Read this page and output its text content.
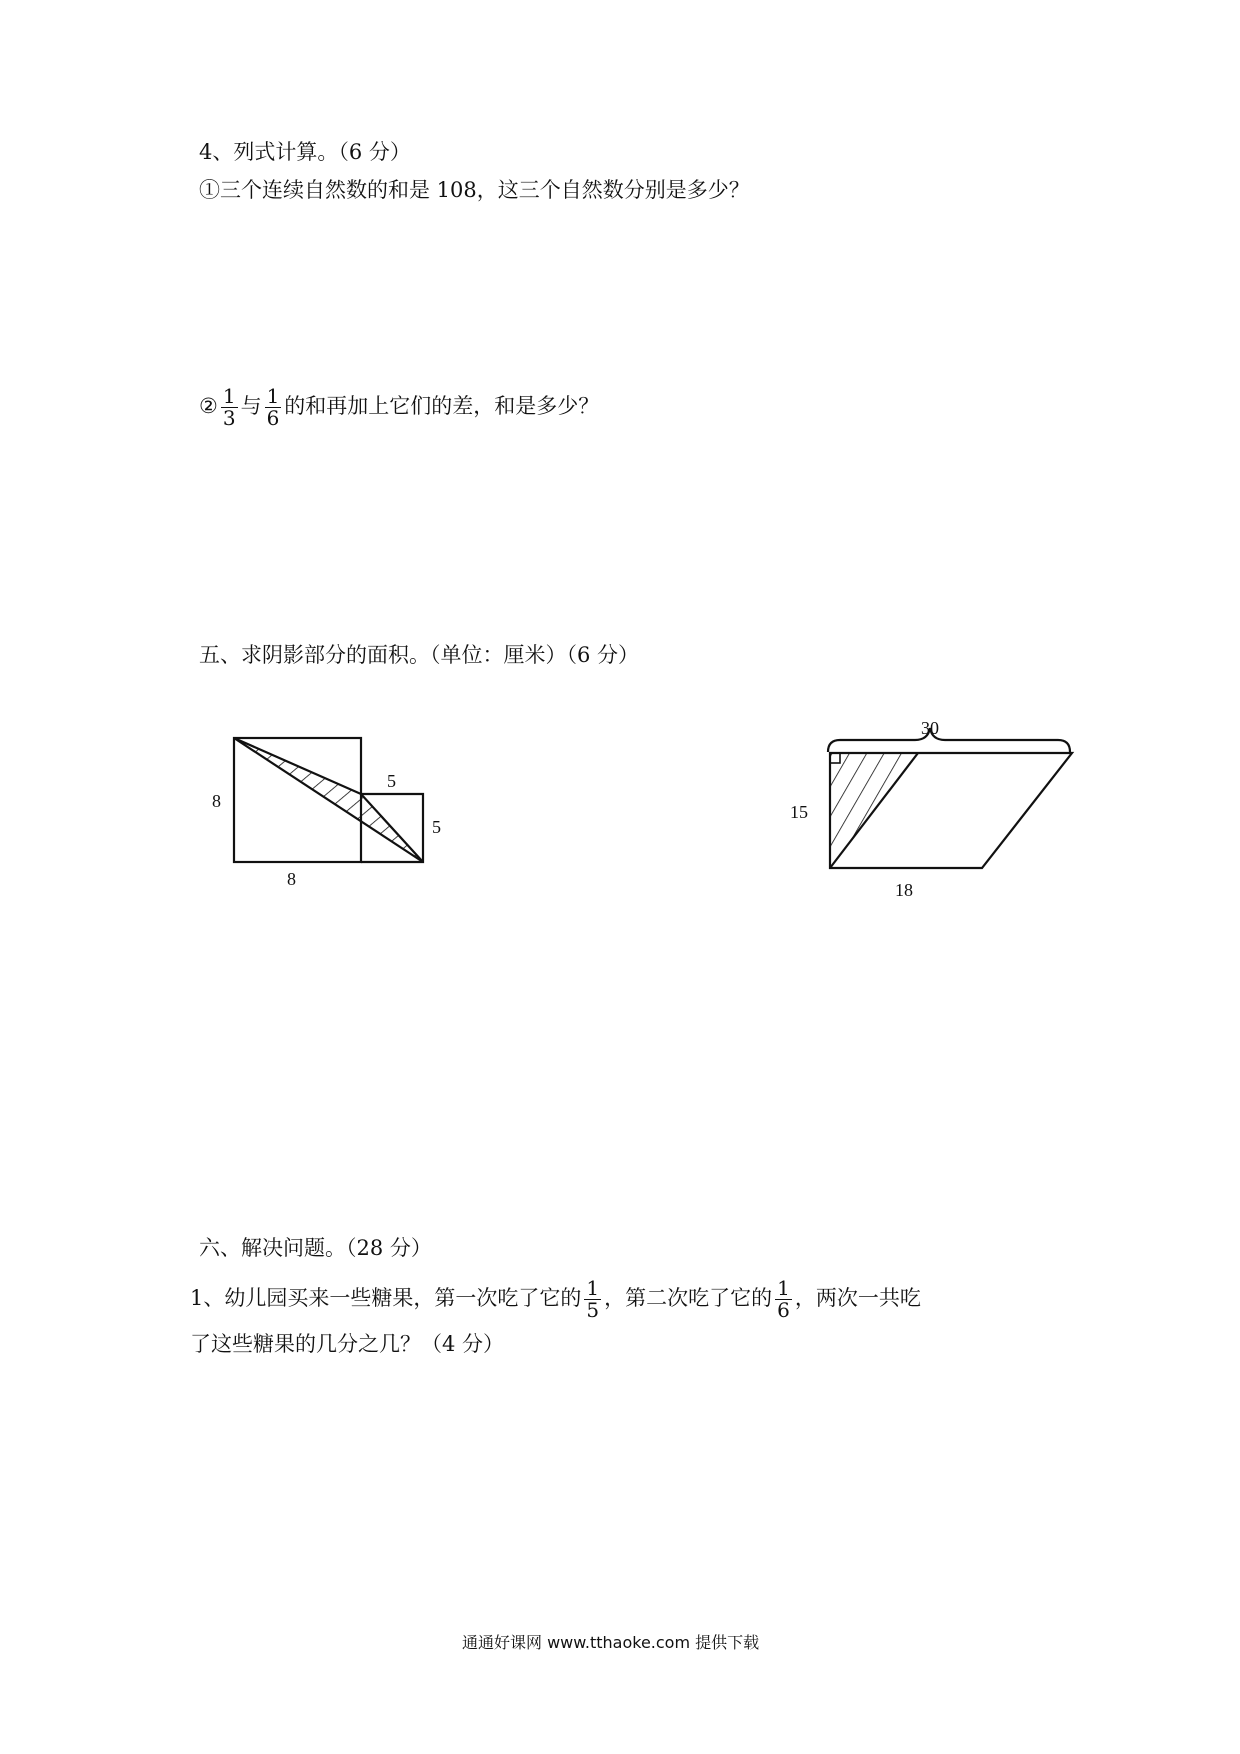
4、列式计算。（6 分）
①三个连续自然数的和是 108，这三个自然数分别是多少？
② $\frac{1}{3}$ 与 $\frac{1}{6}$ 的和再加上它们的差，和是多少？
五、求阴影部分的面积。（单位：厘米）（6 分）
8
8
5
5
30
15
18
六、解决问题。（28 分）
1、幼儿园买来一些糖果，第一次吃了它的 $\frac{1}{5}$ ，第二次吃了它的 $\frac{1}{6}$ ，两次一共吃
了这些糖果的几分之几？（4 分）
通通好课网 www.tthaoke.com 提供下载
